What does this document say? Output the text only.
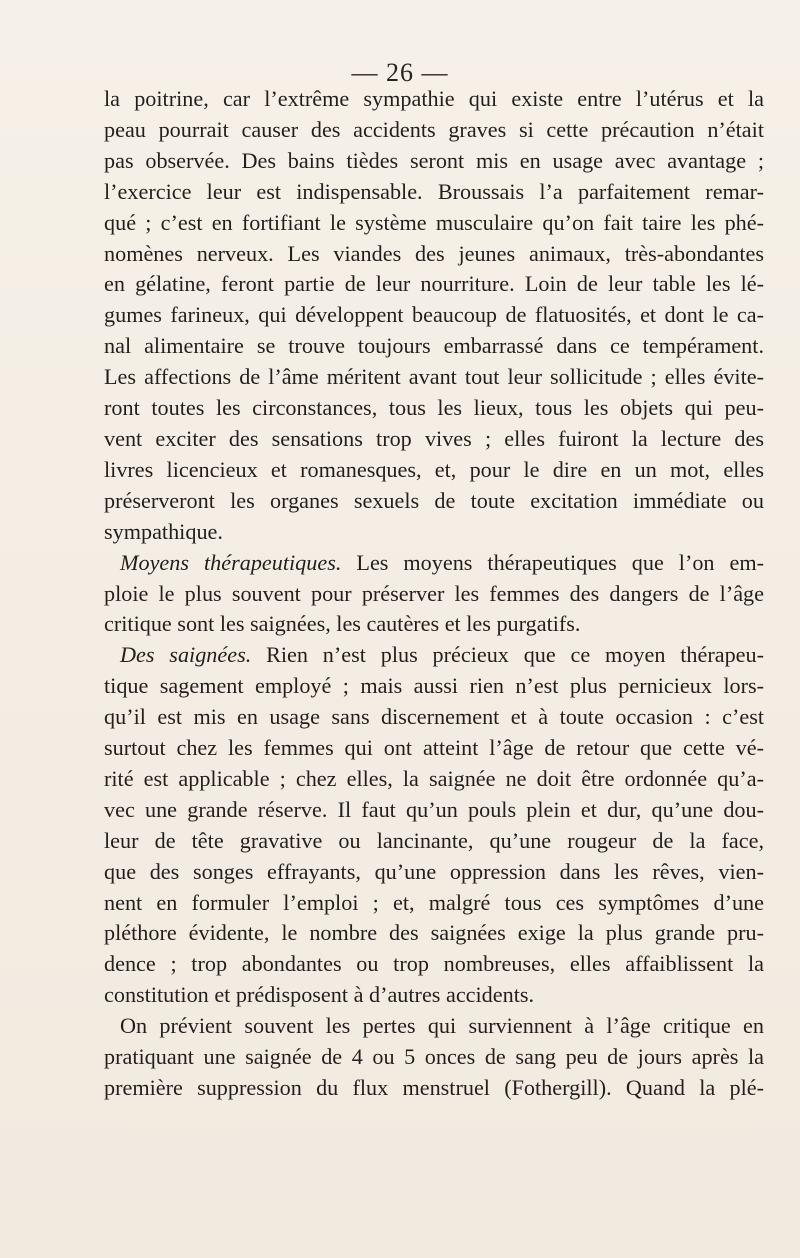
— 26 —
la poitrine, car l’extrême sympathie qui existe entre l’utérus et la
peau pourrait causer des accidents graves si cette précaution n’était
pas observée. Des bains tièdes seront mis en usage avec avantage ;
l’exercice leur est indispensable. Broussais l’a parfaitement remar-
qué ; c’est en fortifiant le système musculaire qu’on fait taire les phé-
nomènes nerveux. Les viandes des jeunes animaux, très-abondantes
en gélatine, feront partie de leur nourriture. Loin de leur table les lé-
gumes farineux, qui développent beaucoup de flatuosités, et dont le ca-
nal alimentaire se trouve toujours embarrassé dans ce tempérament.
Les affections de l’âme méritent avant tout leur sollicitude ; elles évite-
ront toutes les circonstances, tous les lieux, tous les objets qui peu-
vent exciter des sensations trop vives ; elles fuiront la lecture des
livres licencieux et romanesques, et, pour le dire en un mot, elles
préserveront les organes sexuels de toute excitation immédiate ou
sympathique.
Moyens thérapeutiques. Les moyens thérapeutiques que l’on em-
ploie le plus souvent pour préserver les femmes des dangers de l’âge
critique sont les saignées, les cautères et les purgatifs.
Des saignées. Rien n’est plus précieux que ce moyen thérapeu-
tique sagement employé ; mais aussi rien n’est plus pernicieux lors-
qu’il est mis en usage sans discernement et à toute occasion : c’est
surtout chez les femmes qui ont atteint l’âge de retour que cette vé-
rité est applicable ; chez elles, la saignée ne doit être ordonnée qu’a-
vec une grande réserve. Il faut qu’un pouls plein et dur, qu’une dou-
leur de tête gravative ou lancinante, qu’une rougeur de la face,
que des songes effrayants, qu’une oppression dans les rêves, vien-
nent en formuler l’emploi ; et, malgré tous ces symptômes d’une
pléthore évidente, le nombre des saignées exige la plus grande pru-
dence ; trop abondantes ou trop nombreuses, elles affaiblissent la
constitution et prédisposent à d’autres accidents.
On prévient souvent les pertes qui surviennent à l’âge critique en
pratiquant une saignée de 4 ou 5 onces de sang peu de jours après la
première suppression du flux menstruel (Fothergill). Quand la plé-
